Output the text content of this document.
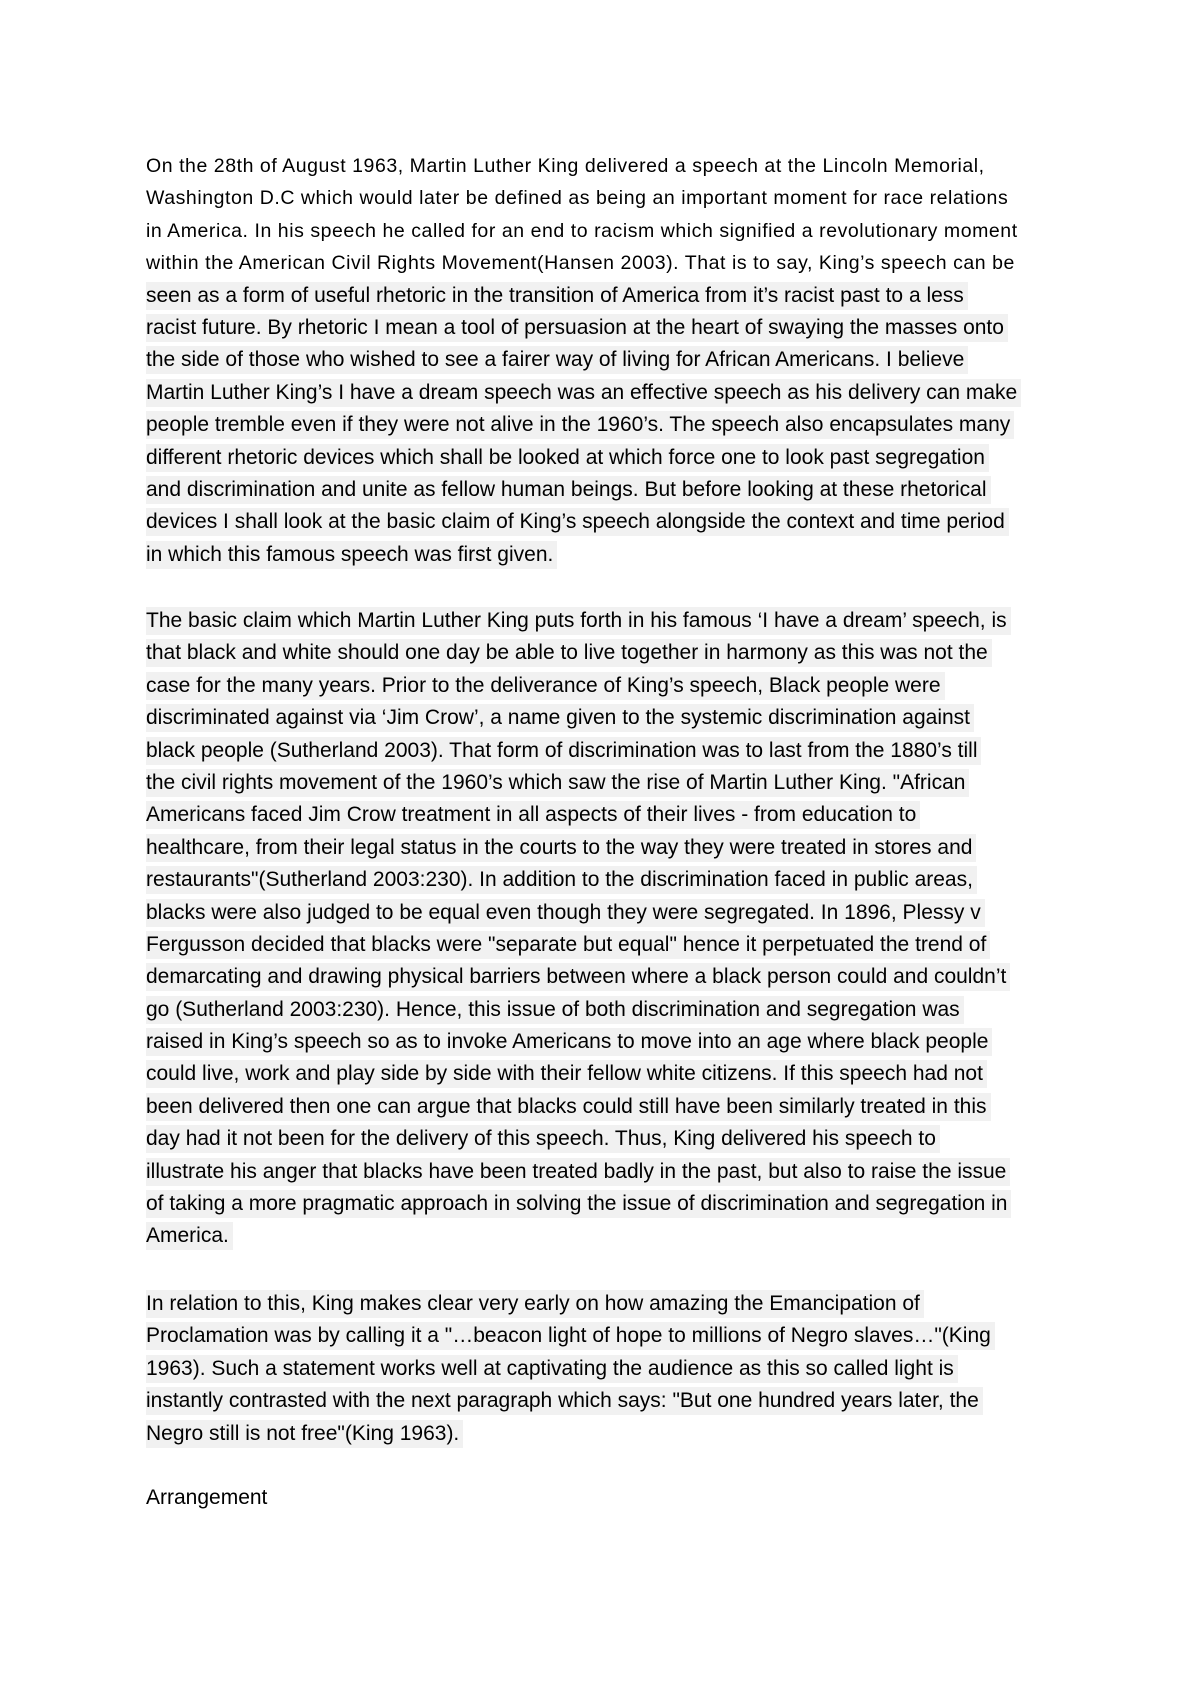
On the 28th of August 1963, Martin Luther King delivered a speech at the Lincoln Memorial,
Washington D.C which would later be defined as being an important moment for race relations
in America. In his speech he called for an end to racism which signified a revolutionary moment
within the American Civil Rights Movement(Hansen 2003). That is to say, King’s speech can be
seen as a form of useful rhetoric in the transition of America from it’s racist past to a less
racist future. By rhetoric I mean a tool of persuasion at the heart of swaying the masses onto
the side of those who wished to see a fairer way of living for African Americans. I believe
Martin Luther King’s I have a dream speech was an effective speech as his delivery can make
people tremble even if they were not alive in the 1960’s. The speech also encapsulates many
different rhetoric devices which shall be looked at which force one to look past segregation
and discrimination and unite as fellow human beings. But before looking at these rhetorical
devices I shall look at the basic claim of King’s speech alongside the context and time period
in which this famous speech was first given.
The basic claim which Martin Luther King puts forth in his famous ‘I have a dream’ speech, is
that black and white should one day be able to live together in harmony as this was not the
case for the many years. Prior to the deliverance of King’s speech, Black people were
discriminated against via ‘Jim Crow’, a name given to the systemic discrimination against
black people (Sutherland 2003). That form of discrimination was to last from the 1880’s till
the civil rights movement of the 1960’s which saw the rise of Martin Luther King. "African
Americans faced Jim Crow treatment in all aspects of their lives - from education to
healthcare, from their legal status in the courts to the way they were treated in stores and
restaurants"(Sutherland 2003:230). In addition to the discrimination faced in public areas,
blacks were also judged to be equal even though they were segregated. In 1896, Plessy v
Fergusson decided that blacks were "separate but equal" hence it perpetuated the trend of
demarcating and drawing physical barriers between where a black person could and couldn’t
go (Sutherland 2003:230). Hence, this issue of both discrimination and segregation was
raised in King’s speech so as to invoke Americans to move into an age where black people
could live, work and play side by side with their fellow white citizens. If this speech had not
been delivered then one can argue that blacks could still have been similarly treated in this
day had it not been for the delivery of this speech. Thus, King delivered his speech to
illustrate his anger that blacks have been treated badly in the past, but also to raise the issue
of taking a more pragmatic approach in solving the issue of discrimination and segregation in
America.
In relation to this, King makes clear very early on how amazing the Emancipation of
Proclamation was by calling it a "…beacon light of hope to millions of Negro slaves…"(King
1963). Such a statement works well at captivating the audience as this so called light is
instantly contrasted with the next paragraph which says: "But one hundred years later, the
Negro still is not free"(King 1963).
Arrangement
